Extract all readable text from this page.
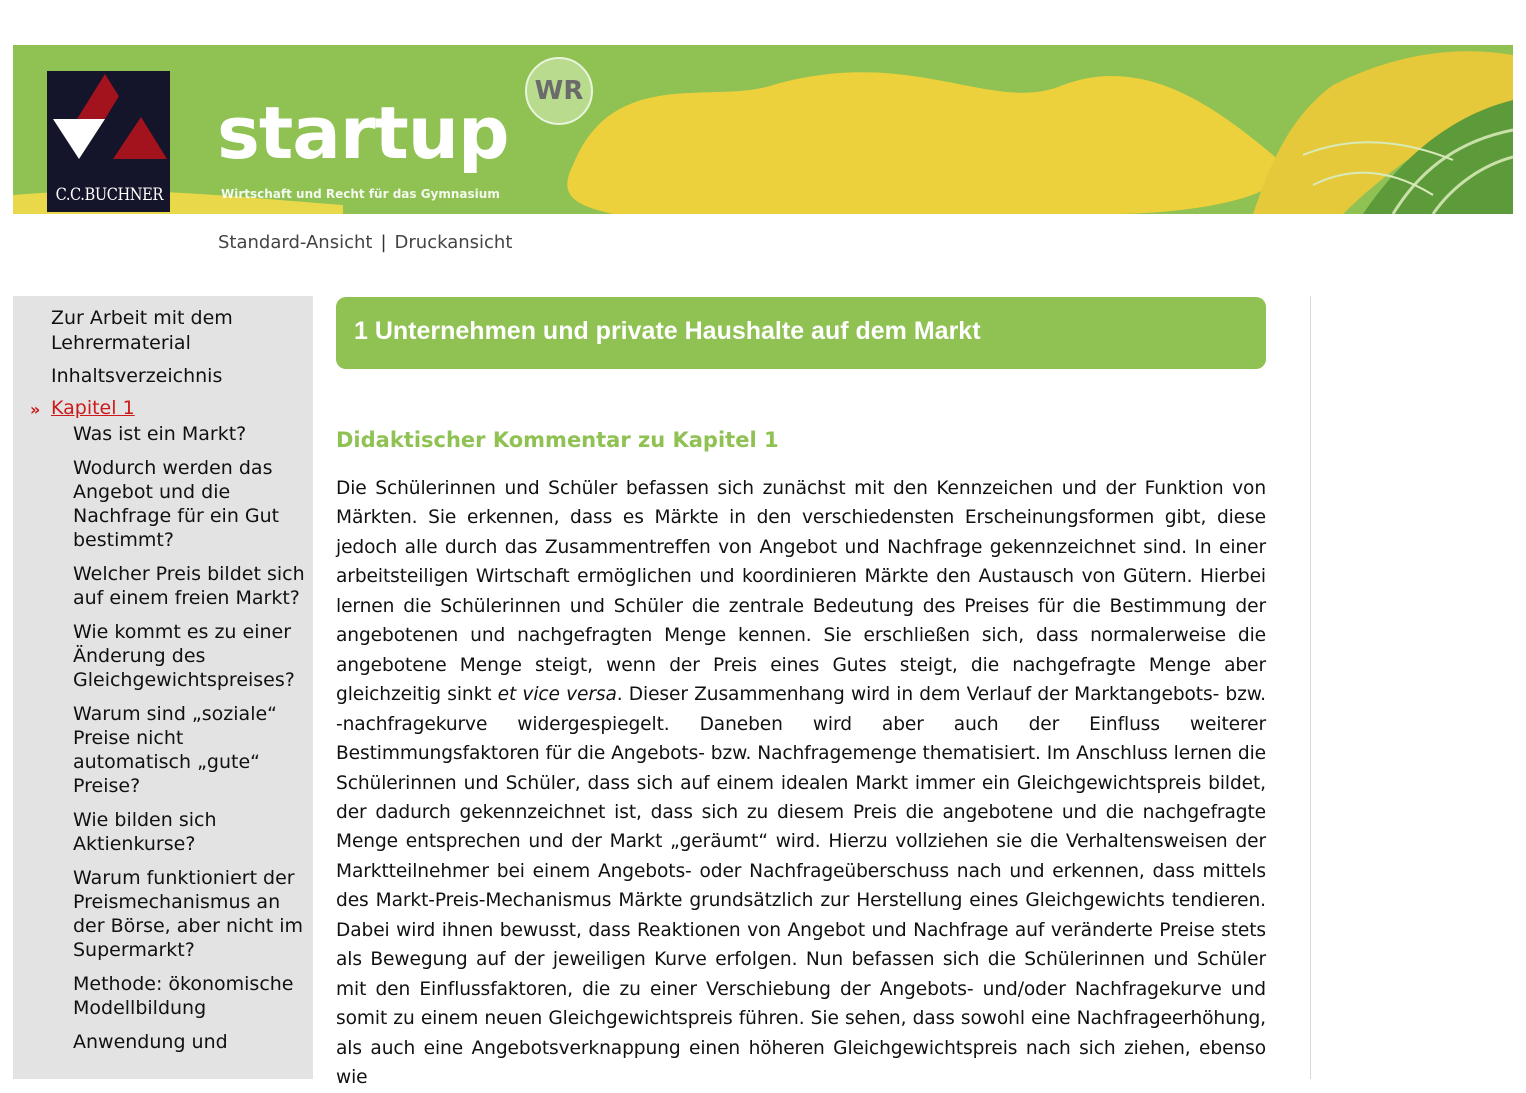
C.C.BUCHNER
startup	WR
Wirtschaft und Recht für das Gymnasium
Standard-Ansicht | Druckansicht
Zur Arbeit mit dem Lehrermaterial
Inhaltsverzeichnis
» Kapitel 1
Was ist ein Markt?
Wodurch werden das Angebot und die Nachfrage für ein Gut bestimmt?
Welcher Preis bildet sich auf einem freien Markt?
Wie kommt es zu einer Änderung des Gleichgewichtspreises?
Warum sind „soziale“ Preise nicht automatisch „gute“ Preise?
Wie bilden sich Aktienkurse?
Warum funktioniert der Preismechanismus an der Börse, aber nicht im Supermarkt?
Methode: ökonomische Modellbildung
Anwendung und
1 Unternehmen und private Haushalte auf dem Markt
Didaktischer Kommentar zu Kapitel 1

Die Schülerinnen und Schüler befassen sich zunächst mit den Kennzeichen und der Funktion von Märkten. Sie erkennen, dass es Märkte in den verschiedensten Erscheinungsformen gibt, diese jedoch alle durch das Zusammentreffen von Angebot und Nachfrage gekennzeichnet sind. In einer arbeitsteiligen Wirtschaft ermöglichen und koordinieren Märkte den Austausch von Gütern. Hierbei lernen die Schülerinnen und Schüler die zentrale Bedeutung des Preises für die Bestimmung der angebotenen und nachgefragten Menge kennen. Sie erschließen sich, dass normalerweise die angebotene Menge steigt, wenn der Preis eines Gutes steigt, die nachgefragte Menge aber gleichzeitig sinkt et vice versa. Dieser Zusammenhang wird in dem Verlauf der Marktangebots- bzw. -nachfragekurve widergespiegelt. Daneben wird aber auch der Einfluss weiterer Bestimmungsfaktoren für die Angebots- bzw. Nachfragemenge thematisiert. Im Anschluss lernen die Schülerinnen und Schüler, dass sich auf einem idealen Markt immer ein Gleichgewichtspreis bildet, der dadurch gekennzeichnet ist, dass sich zu diesem Preis die angebotene und die nachgefragte Menge entsprechen und der Markt „geräumt“ wird. Hierzu vollziehen sie die Verhaltensweisen der Marktteilnehmer bei einem Angebots- oder Nachfrageüberschuss nach und erkennen, dass mittels des Markt-Preis-Mechanismus Märkte grundsätzlich zur Herstellung eines Gleichgewichts tendieren. Dabei wird ihnen bewusst, dass Reaktionen von Angebot und Nachfrage auf veränderte Preise stets als Bewegung auf der jeweiligen Kurve erfolgen. Nun befassen sich die Schülerinnen und Schüler mit den Einflussfaktoren, die zu einer Verschiebung der Angebots- und/oder Nachfragekurve und somit zu einem neuen Gleichgewichtspreis führen. Sie sehen, dass sowohl eine Nachfrageerhöhung, als auch eine Angebotsverknappung einen höheren Gleichgewichtspreis nach sich ziehen, ebenso wie
